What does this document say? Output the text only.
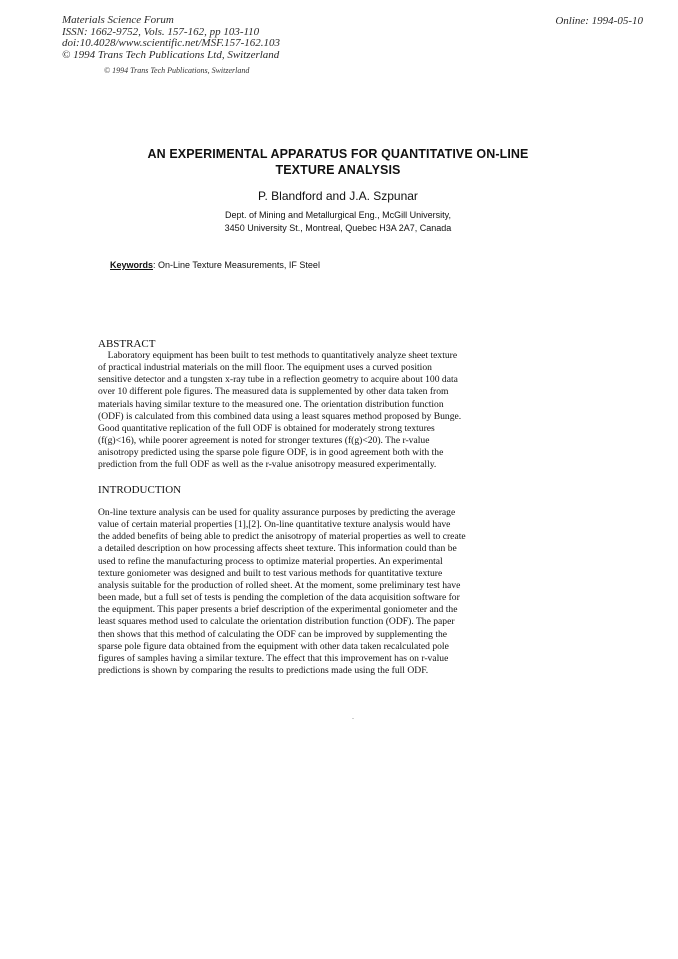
Materials Science Forum
ISSN: 1662-9752, Vols. 157-162, pp 103-110
doi:10.4028/www.scientific.net/MSF.157-162.103
© 1994 Trans Tech Publications Ltd, Switzerland
Online: 1994-05-10
© 1994 Trans Tech Publications, Switzerland
AN EXPERIMENTAL APPARATUS FOR QUANTITATIVE ON-LINE
TEXTURE ANALYSIS
P. Blandford and J.A. Szpunar
Dept. of Mining and Metallurgical Eng., McGill University,
3450 University St., Montreal, Quebec H3A 2A7, Canada
Keywords: On-Line Texture Measurements, IF Steel
ABSTRACT
Laboratory equipment has been built to test methods to quantitatively analyze sheet texture
of practical industrial materials on the mill floor. The equipment uses a curved position
sensitive detector and a tungsten x-ray tube in a reflection geometry to acquire about 100 data
over 10 different pole figures. The measured data is supplemented by other data taken from
materials having similar texture to the measured one. The orientation distribution function
(ODF) is calculated from this combined data using a least squares method proposed by Bunge.
Good quantitative replication of the full ODF is obtained for moderately strong textures
(f(g)<16), while poorer agreement is noted for stronger textures (f(g)<20). The r-value
anisotropy predicted using the sparse pole figure ODF, is in good agreement both with the
prediction from the full ODF as well as the r-value anisotropy measured experimentally.
INTRODUCTION
On-line texture analysis can be used for quality assurance purposes by predicting the average
value of certain material properties [1],[2]. On-line quantitative texture analysis would have
the added benefits of being able to predict the anisotropy of material properties as well to create
a detailed description on how processing affects sheet texture. This information could than be
used to refine the manufacturing process to optimize material properties. An experimental
texture goniometer was designed and built to test various methods for quantitative texture
analysis suitable for the production of rolled sheet. At the moment, some preliminary test have
been made, but a full set of tests is pending the completion of the data acquisition software for
the equipment. This paper presents a brief description of the experimental goniometer and the
least squares method used to calculate the orientation distribution function (ODF). The paper
then shows that this method of calculating the ODF can be improved by supplementing the
sparse pole figure data obtained from the equipment with other data taken recalculated pole
figures of samples having a similar texture. The effect that this improvement has on r-value
predictions is shown by comparing the results to predictions made using the full ODF.
